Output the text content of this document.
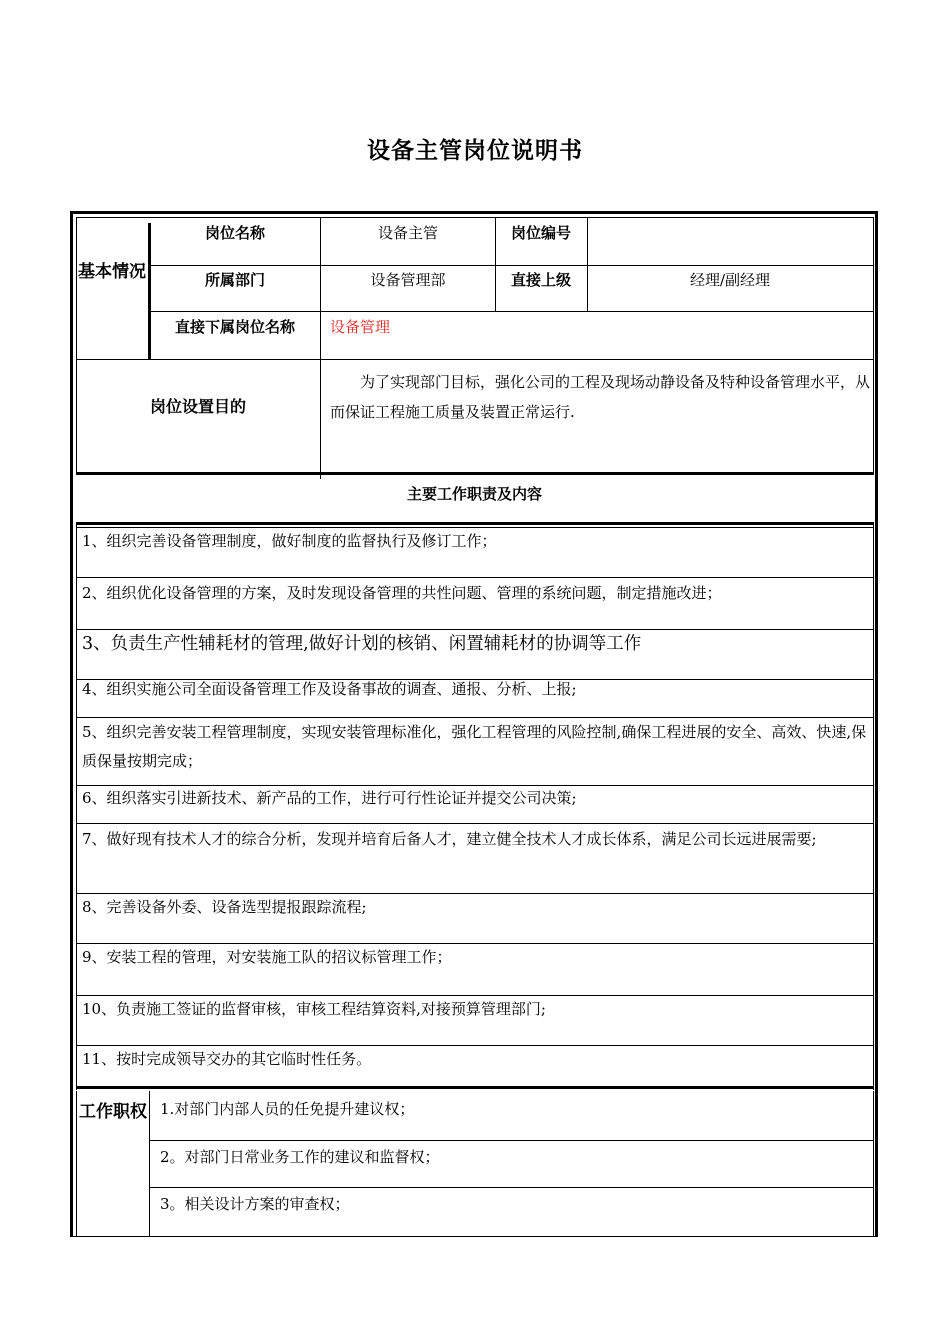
设备主管岗位说明书
基本情况
岗位名称	设备主管	岗位编号
所属部门	设备管理部	直接上级	经理/副经理
直接下属岗位名称	设备管理
岗位设置目的
为了实现部门目标，强化公司的工程及现场动静设备及特种设备管理水平，从而保证工程施工质量及装置正常运行.
主要工作职责及内容
1、组织完善设备管理制度，做好制度的监督执行及修订工作；
2、组织优化设备管理的方案，及时发现设备管理的共性问题、管理的系统问题，制定措施改进；
3、负责生产性辅耗材的管理,做好计划的核销、闲置辅耗材的协调等工作
4、组织实施公司全面设备管理工作及设备事故的调查、通报、分析、上报;
5、组织完善安装工程管理制度，实现安装管理标准化，强化工程管理的风险控制,确保工程进展的安全、高效、快速,保质保量按期完成；
6、组织落实引进新技术、新产品的工作，进行可行性论证并提交公司决策;
7、做好现有技术人才的综合分析，发现并培育后备人才，建立健全技术人才成长体系，满足公司长远进展需要;
8、完善设备外委、设备选型提报跟踪流程;
9、安装工程的管理，对安装施工队的招议标管理工作；
10、负责施工签证的监督审核，审核工程结算资料,对接预算管理部门;
11、按时完成领导交办的其它临时性任务。
工作职权 1.对部门内部人员的任免提升建议权；
2。对部门日常业务工作的建议和监督权；
3。相关设计方案的审查权；
